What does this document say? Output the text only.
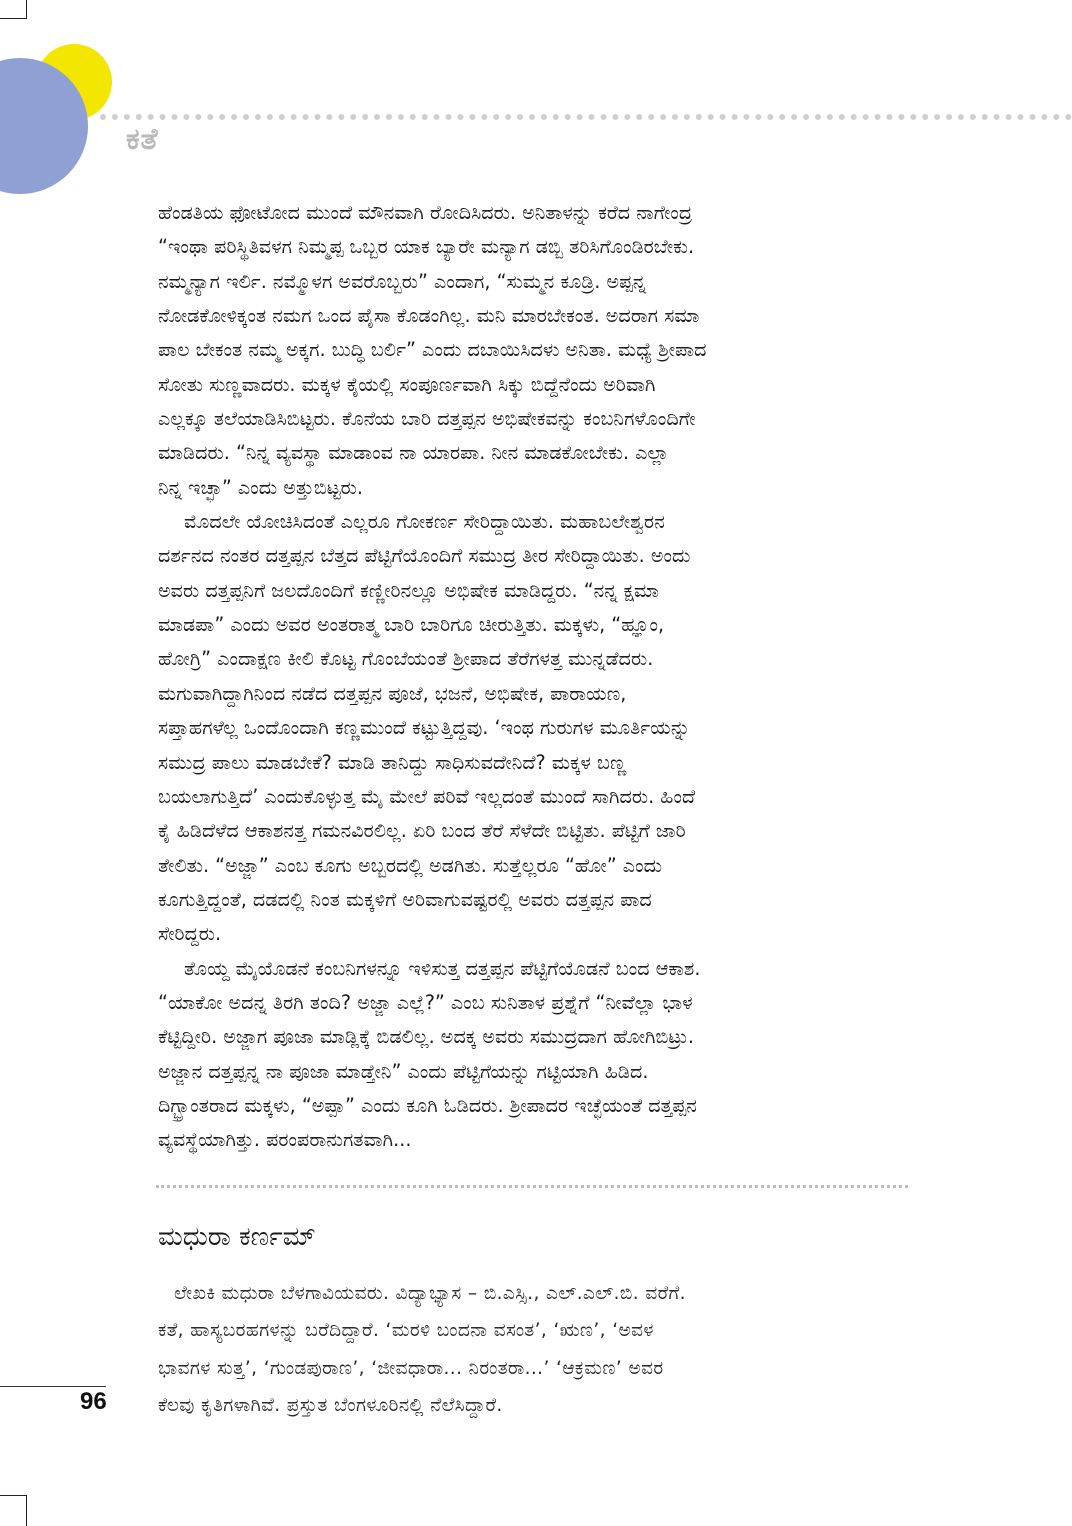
ಕತೆ
ಹೆಂಡತಿಯ ಫೋಟೋದ ಮುಂದೆ ಮೌನವಾಗಿ ರೋದಿಸಿದರು. ಅನಿತಾಳನ್ನು ಕರೆದ ನಾಗೇಂದ್ರ
“ಇಂಥಾ ಪರಿಸ್ಥಿತಿವಳಗ ನಿಮ್ಮಪ್ಪ ಒಬ್ಬರ ಯಾಕ ಬ್ಯಾರೇ ಮನ್ಯಾಗ ಡಬ್ಬಿ ತರಿಸಿಗೊಂಡಿರಬೇಕು.
ನಮ್ಮನ್ಯಾಗ ಇರ್ಲಿ. ನಮ್ಮೊಳಗ ಅವರೊಬ್ಬರು” ಎಂದಾಗ, “ಸುಮ್ಮನ ಕೂಡ್ರಿ. ಅಪ್ಪನ್ನ
ನೋಡಕೋಳಿಕ್ಕಂತ ನಮಗ ಒಂದ ಪೈಸಾ ಕೊಡಂಗಿಲ್ಲ. ಮನಿ ಮಾರಬೇಕಂತ. ಅದರಾಗ ಸಮಾ
ಪಾಲ ಬೇಕಂತ ನಮ್ಮ ಅಕ್ಕಗ. ಬುದ್ಧಿ ಬರ್ಲಿ” ಎಂದು ದಬಾಯಿಸಿದಳು ಅನಿತಾ. ಮಧ್ಯೆ ಶ್ರೀಪಾದ
ಸೋತು ಸುಣ್ಣವಾದರು. ಮಕ್ಕಳ ಕೈಯಲ್ಲಿ ಸಂಪೂರ್ಣವಾಗಿ ಸಿಕ್ಕು ಬಿದ್ದೆನೆಂದು ಅರಿವಾಗಿ
ಎಲ್ಲಕ್ಕೂ ತಲೆಯಾಡಿಸಿಬಿಟ್ಟರು. ಕೊನೆಯ ಬಾರಿ ದತ್ತಪ್ಪನ ಅಭಿಷೇಕವನ್ನು ಕಂಬನಿಗಳೊಂದಿಗೇ
ಮಾಡಿದರು. “ನಿನ್ನ ವ್ಯವಸ್ಥಾ ಮಾಡಾಂವ ನಾ ಯಾರಪಾ. ನೀನ ಮಾಡಕೋಬೇಕು. ಎಲ್ಲಾ
ನಿನ್ನ ಇಚ್ಛಾ” ಎಂದು ಅತ್ತುಬಿಟ್ಟರು.
ಮೊದಲೇ ಯೋಚಿಸಿದಂತೆ ಎಲ್ಲರೂ ಗೋಕರ್ಣ ಸೇರಿದ್ದಾಯಿತು. ಮಹಾಬಲೇಶ್ವರನ
ದರ್ಶನದ ನಂತರ ದತ್ತಪ್ಪನ ಬೆತ್ತದ ಪೆಟ್ಟಿಗೆಯೊಂದಿಗೆ ಸಮುದ್ರ ತೀರ ಸೇರಿದ್ದಾಯಿತು. ಅಂದು
ಅವರು ದತ್ತಪ್ಪನಿಗೆ ಜಲದೊಂದಿಗೆ ಕಣ್ಣೀರಿನಲ್ಲೂ ಅಭಿಷೇಕ ಮಾಡಿದ್ದರು. “ನನ್ನ ಕ್ಷಮಾ
ಮಾಡಪಾ” ಎಂದು ಅವರ ಅಂತರಾತ್ಮ ಬಾರಿ ಬಾರಿಗೂ ಚೀರುತ್ತಿತು. ಮಕ್ಕಳು, “ಹ್ಞೂಂ,
ಹೋಗ್ರಿ” ಎಂದಾಕ್ಷಣ ಕೀಲಿ ಕೊಟ್ಟ ಗೊಂಬೆಯಂತೆ ಶ್ರೀಪಾದ ತೆರೆಗಳತ್ತ ಮುನ್ನಡೆದರು.
ಮಗುವಾಗಿದ್ದಾಗಿನಿಂದ ನಡೆದ ದತ್ತಪ್ಪನ ಪೂಜೆ, ಭಜನೆ, ಅಭಿಷೇಕ, ಪಾರಾಯಣ,
ಸಪ್ತಾಹಗಳೆಲ್ಲ ಒಂದೊಂದಾಗಿ ಕಣ್ಣಮುಂದೆ ಕಟ್ಟುತ್ತಿದ್ದವು. ‘ಇಂಥ ಗುರುಗಳ ಮೂರ್ತಿಯನ್ನು
ಸಮುದ್ರ ಪಾಲು ಮಾಡಬೇಕೆ? ಮಾಡಿ ತಾನಿದ್ದು ಸಾಧಿಸುವದೇನಿದೆ? ಮಕ್ಕಳ ಬಣ್ಣ
ಬಯಲಾಗುತ್ತಿದೆ’ ಎಂದುಕೊಳ್ಳುತ್ತ ಮೈ ಮೇಲೆ ಪರಿವೆ ಇಲ್ಲದಂತೆ ಮುಂದೆ ಸಾಗಿದರು. ಹಿಂದೆ
ಕೈ ಹಿಡಿದೆಳೆದ ಆಕಾಶನತ್ತ ಗಮನವಿರಲಿಲ್ಲ. ಏರಿ ಬಂದ ತೆರೆ ಸೆಳೆದೇ ಬಿಟ್ಟಿತು. ಪೆಟ್ಟಿಗೆ ಜಾರಿ
ತೇಲಿತು. “ಅಜ್ಜಾ” ಎಂಬ ಕೂಗು ಅಬ್ಬರದಲ್ಲಿ ಅಡಗಿತು. ಸುತ್ತೆಲ್ಲರೂ “ಹೋ” ಎಂದು
ಕೂಗುತ್ತಿದ್ದಂತೆ, ದಡದಲ್ಲಿ ನಿಂತ ಮಕ್ಕಳಿಗೆ ಅರಿವಾಗುವಷ್ಟರಲ್ಲಿ ಅವರು ದತ್ತಪ್ಪನ ಪಾದ
ಸೇರಿದ್ದರು.
ತೊಯ್ದ ಮೈಯೊಡನೆ ಕಂಬನಿಗಳನ್ನೂ ಇಳಿಸುತ್ತ ದತ್ತಪ್ಪನ ಪೆಟ್ಟಿಗೆಯೊಡನೆ ಬಂದ ಆಕಾಶ.
“ಯಾಕೋ ಅದನ್ನ ತಿರಗಿ ತಂದಿ? ಅಜ್ಜಾ ಎಲ್ಲೆ?” ಎಂಬ ಸುನಿತಾಳ ಪ್ರಶ್ನೆಗೆ “ನೀವೆಲ್ಲಾ ಭಾಳ
ಕೆಟ್ಟಿದ್ದೀರಿ. ಅಜ್ಜಾಗ ಪೂಜಾ ಮಾಡ್ಲಿಕ್ಕೆ ಬಿಡಲಿಲ್ಲ. ಅದಕ್ಕ ಅವರು ಸಮುದ್ರದಾಗ ಹೋಗಿಬಿಟ್ರು.
ಅಜ್ಜಾನ ದತ್ತಪ್ಪನ್ನ ನಾ ಪೂಜಾ ಮಾಡ್ತೇನಿ” ಎಂದು ಪೆಟ್ಟಿಗೆಯನ್ನು ಗಟ್ಟಿಯಾಗಿ ಹಿಡಿದ.
ದಿಗ್ಭ್ರಾಂತರಾದ ಮಕ್ಕಳು, “ಅಪ್ಪಾ” ಎಂದು ಕೂಗಿ ಓಡಿದರು. ಶ್ರೀಪಾದರ ಇಚ್ಛೆಯಂತೆ ದತ್ತಪ್ಪನ
ವ್ಯವಸ್ಥೆಯಾಗಿತ್ತು. ಪರಂಪರಾನುಗತವಾಗಿ...
ಮಧುರಾ ಕರ್ಣಮ್
ಲೇಖಕಿ ಮಧುರಾ ಬೆಳಗಾವಿಯವರು. ವಿದ್ಯಾಭ್ಯಾಸ – ಬಿ.ಎಸ್ಸಿ., ಎಲ್.ಎಲ್.ಬಿ. ವರೆಗೆ.
ಕತೆ, ಹಾಸ್ಯಬರಹಗಳನ್ನು ಬರೆದಿದ್ದಾರೆ. ‘ಮರಳಿ ಬಂದನಾ ವಸಂತ’, ‘ಋಣ’, ‘ಅವಳ
ಭಾವಗಳ ಸುತ್ತ’, ‘ಗುಂಡಪುರಾಣ’, ‘ಜೀವಧಾರಾ... ನಿರಂತರಾ...’ ‘ಆಕ್ರಮಣ’ ಅವರ
ಕೆಲವು ಕೃತಿಗಳಾಗಿವೆ. ಪ್ರಸ್ತುತ ಬೆಂಗಳೂರಿನಲ್ಲಿ ನೆಲೆಸಿದ್ದಾರೆ.
96
